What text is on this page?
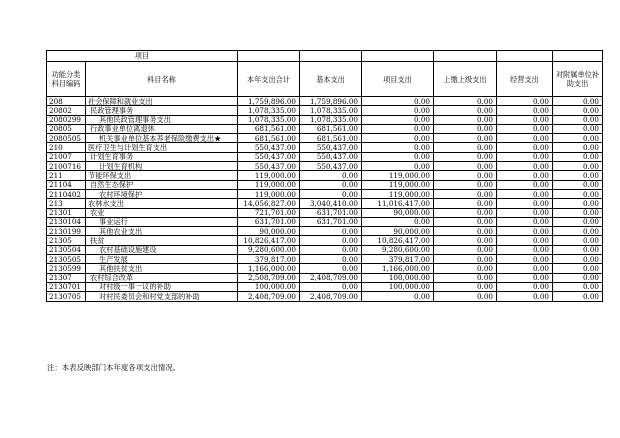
项目							
功能分类科目编码	科目名称	本年支出合计	基本支出	项目支出	上缴上级支出	经营支出	对附属单位补助支出
208	社会保障和就业支出	1,759,896.00	1,759,896.00	0.00	0.00	0.00	0.00
20802	民政管理事务	1,078,335.00	1,078,335.00	0.00	0.00	0.00	0.00
2080299	其他民政管理事务支出	1,078,335.00	1,078,335.00	0.00	0.00	0.00	0.00
20805	行政事业单位离退休	681,561.00	681,561.00	0.00	0.00	0.00	0.00
2080505	机关事业单位基本养老保险缴费支出★	681,561.00	681,561.00	0.00	0.00	0.00	0.00
210	医疗卫生与计划生育支出	550,437.00	550,437.00	0.00	0.00	0.00	0.00
21007	计划生育事务	550,437.00	550,437.00	0.00	0.00	0.00	0.00
2100716	计划生育机构	550,437.00	550,437.00	0.00	0.00	0.00	0.00
211	节能环保支出	119,000.00	0.00	119,000.00	0.00	0.00	0.00
21104	自然生态保护	119,000.00	0.00	119,000.00	0.00	0.00	0.00
2110402	农村环境保护	119,000.00	0.00	119,000.00	0.00	0.00	0.00
213	农林水支出	14,056,827.00	3,040,410.00	11,016,417.00	0.00	0.00	0.00
21301	农业	721,701.00	631,701.00	90,000.00	0.00	0.00	0.00
2130104	事业运行	631,701.00	631,701.00	0.00	0.00	0.00	0.00
2130199	其他农业支出	90,000.00	0.00	90,000.00	0.00	0.00	0.00
21305	扶贫	10,826,417.00	0.00	10,826,417.00	0.00	0.00	0.00
2130504	农村基础设施建设	9,280,600.00	0.00	9,280,600.00	0.00	0.00	0.00
2130505	生产发展	379,817.00	0.00	379,817.00	0.00	0.00	0.00
2130599	其他扶贫支出	1,166,000.00	0.00	1,166,000.00	0.00	0.00	0.00
21307	农村综合改革	2,508,709.00	2,408,709.00	100,000.00	0.00	0.00	0.00
2130701	对村级一事一议的补助	100,000.00	0.00	100,000.00	0.00	0.00	0.00
2130705	对村民委员会和村党支部的补助	2,408,709.00	2,408,709.00	0.00	0.00	0.00	0.00
注：本表反映部门本年度各项支出情况。
